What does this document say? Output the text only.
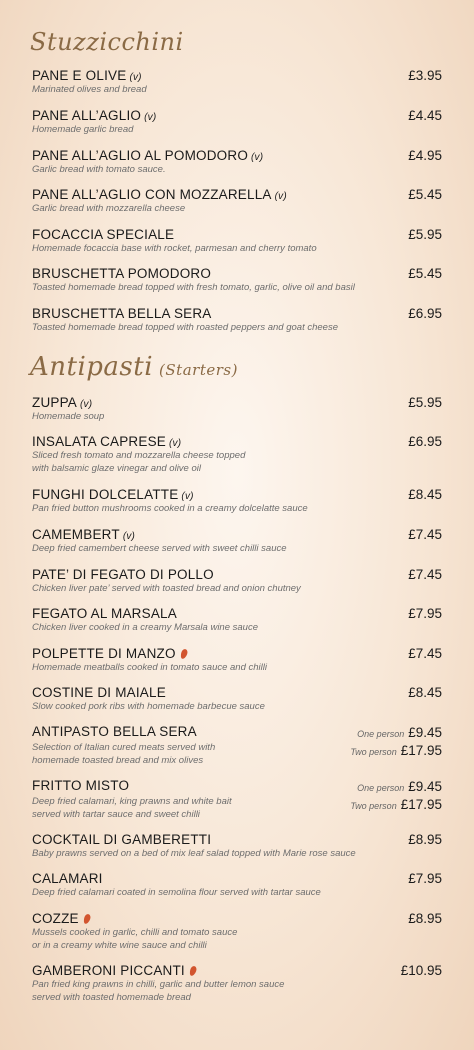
Stuzzicchini
PANE E OLIVE (v)	£3.95
Marinated olives and bread
PANE ALL’AGLIO (v)	£4.45
Homemade garlic bread
PANE ALL’AGLIO AL POMODORO (v)	£4.95
Garlic bread with tomato sauce.
PANE ALL’AGLIO CON MOZZARELLA (v)	£5.45
Garlic bread with mozzarella cheese
FOCACCIA SPECIALE	£5.95
Homemade focaccia base with rocket, parmesan and cherry tomato
BRUSCHETTA POMODORO	£5.45
Toasted homemade bread topped with fresh tomato, garlic, olive oil and basil
BRUSCHETTA BELLA SERA	£6.95
Toasted homemade bread topped with roasted peppers and goat cheese
Antipasti (Starters)
ZUPPA (v)	£5.95
Homemade soup
INSALATA CAPRESE (v)	£6.95
Sliced fresh tomato and mozzarella cheese topped
with balsamic glaze vinegar and olive oil
FUNGHI DOLCELATTE (v)	£8.45
Pan fried button mushrooms cooked in a creamy dolcelatte sauce
CAMEMBERT (v)	£7.45
Deep fried camembert cheese served with sweet chilli sauce
PATE’ DI FEGATO DI POLLO	£7.45
Chicken liver pate’ served with toasted bread and onion chutney
FEGATO AL MARSALA	£7.95
Chicken liver cooked in a creamy Marsala wine sauce
POLPETTE DI MANZO	£7.45
Homemade meatballs cooked in tomato sauce and chilli
COSTINE DI MAIALE	£8.45
Slow cooked pork ribs with homemade barbecue sauce
ANTIPASTO BELLA SERA
Selection of Italian cured meats served with
homemade toasted bread and mix olives
One person £9.45
Two person £17.95
FRITTO MISTO
Deep fried calamari, king prawns and white bait
served with tartar sauce and sweet chilli
One person £9.45
Two person £17.95
COCKTAIL DI GAMBERETTI	£8.95
Baby prawns served on a bed of mix leaf salad topped with Marie rose sauce
CALAMARI	£7.95
Deep fried calamari coated in semolina flour served with tartar sauce
COZZE	£8.95
Mussels cooked in garlic, chilli and tomato sauce
or in a creamy white wine sauce and chilli
GAMBERONI PICCANTI	£10.95
Pan fried king prawns in chilli, garlic and butter lemon sauce
served with toasted homemade bread
